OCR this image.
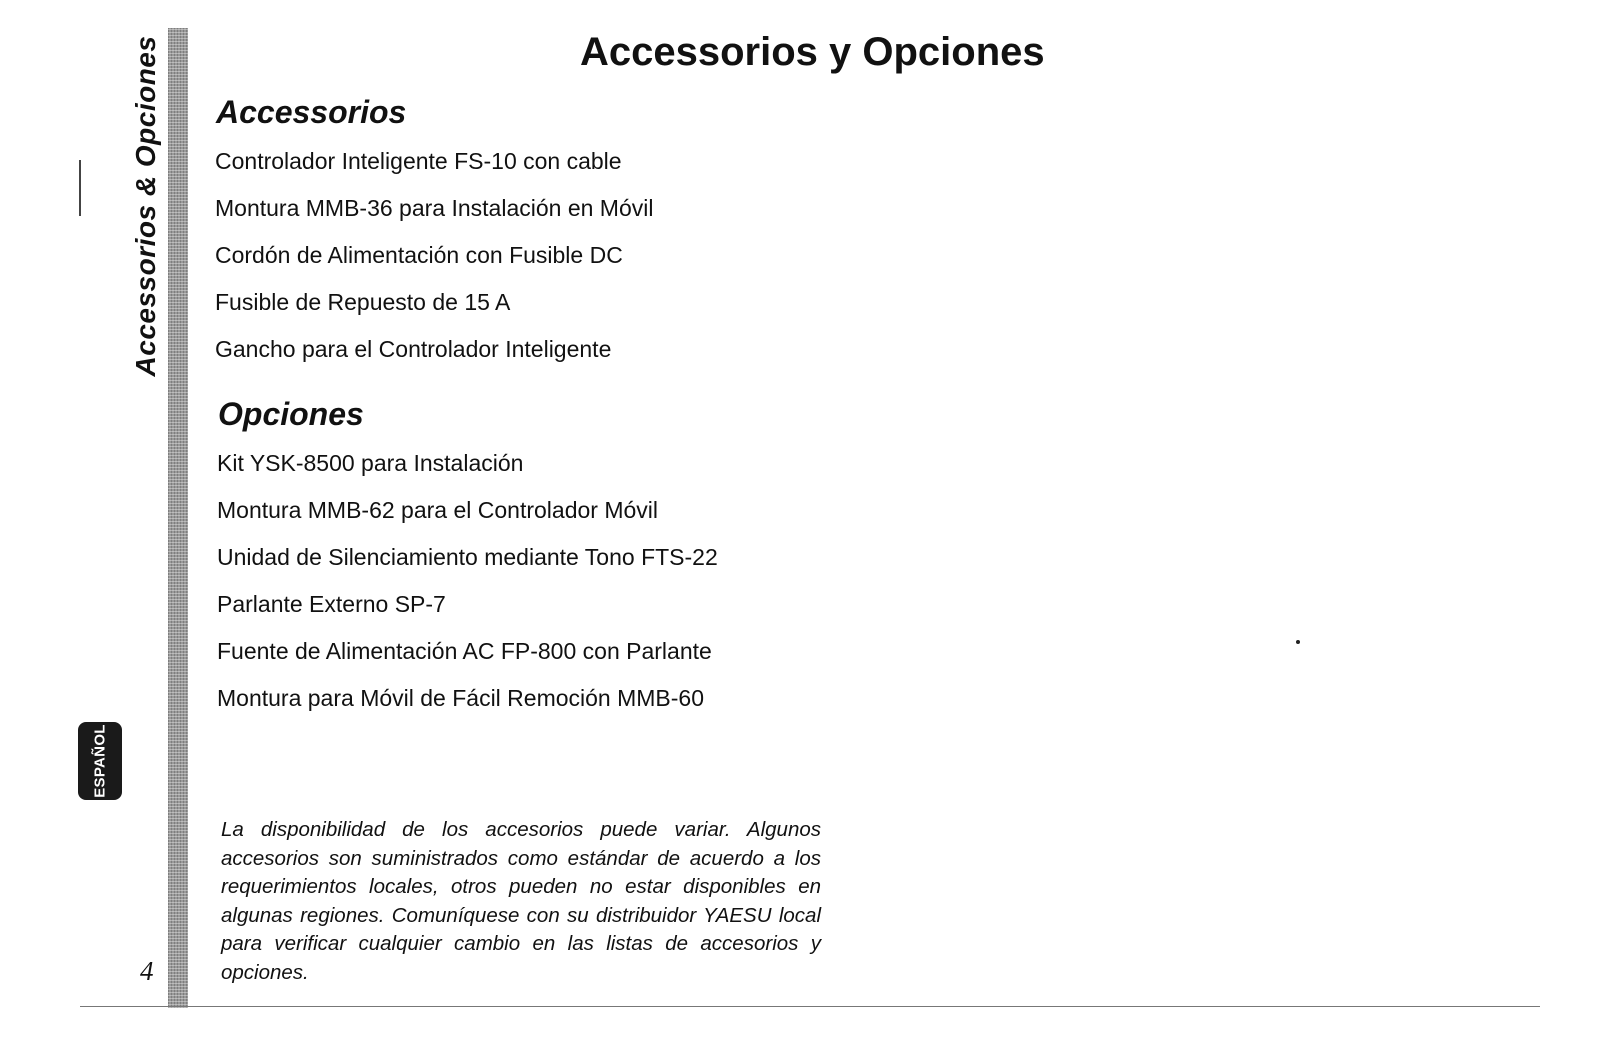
Accessorios & Opciones
ESPAÑOL
4
Accessorios y Opciones
Accessorios
Controlador Inteligente FS-10 con cable
Montura MMB-36 para Instalación en Móvil
Cordón de Alimentación con Fusible DC
Fusible de Repuesto de 15 A
Gancho para el Controlador Inteligente
Opciones
Kit YSK-8500 para Instalación
Montura MMB-62 para el Controlador Móvil
Unidad de Silenciamiento mediante Tono FTS-22
Parlante Externo SP-7
Fuente de Alimentación AC FP-800 con Parlante
Montura para Móvil de Fácil Remoción MMB-60

La disponibilidad de los accesorios puede variar. Algunos accesorios son suministrados como estándar de acuerdo a los requerimientos locales, otros pueden no estar disponibles en algunas regiones. Comuníquese con su distribuidor YAESU local para verificar cualquier cambio en las listas de accesorios y opciones.
